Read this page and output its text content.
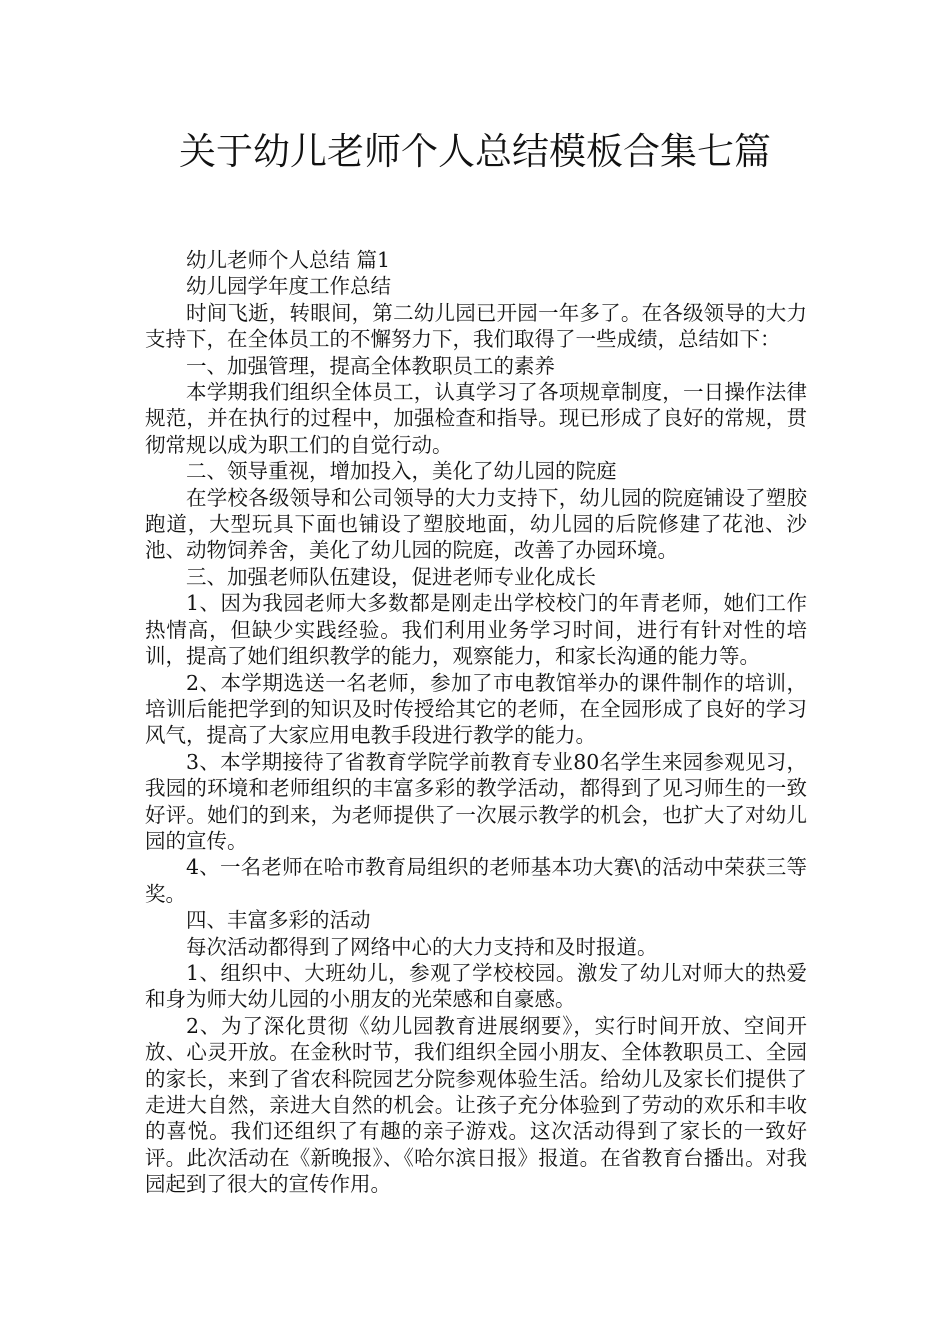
关于幼儿老师个人总结模板合集七篇

幼儿老师个人总结 篇1

幼儿园学年度工作总结

时间飞逝，转眼间，第二幼儿园已开园一年多了。在各级领导的大力支持下，在全体员工的不懈努力下，我们取得了一些成绩，总结如下：

一、加强管理，提高全体教职员工的素养

本学期我们组织全体员工，认真学习了各项规章制度，一日操作法律规范，并在执行的过程中，加强检查和指导。现已形成了良好的常规，贯彻常规以成为职工们的自觉行动。

二、领导重视，增加投入，美化了幼儿园的院庭

在学校各级领导和公司领导的大力支持下，幼儿园的院庭铺设了塑胶跑道，大型玩具下面也铺设了塑胶地面，幼儿园的后院修建了花池、沙池、动物饲养舍，美化了幼儿园的院庭，改善了办园环境。

三、加强老师队伍建设，促进老师专业化成长

1、因为我园老师大多数都是刚走出学校校门的年青老师，她们工作热情高，但缺少实践经验。我们利用业务学习时间，进行有针对性的培训，提高了她们组织教学的能力，观察能力，和家长沟通的能力等。

2、本学期选送一名老师，参加了市电教馆举办的课件制作的培训，培训后能把学到的知识及时传授给其它的老师，在全园形成了良好的学习风气，提高了大家应用电教手段进行教学的能力。

3、本学期接待了省教育学院学前教育专业80名学生来园参观见习，我园的环境和老师组织的丰富多彩的教学活动，都得到了见习师生的一致好评。她们的到来，为老师提供了一次展示教学的机会，也扩大了对幼儿园的宣传。

4、一名老师在哈市教育局组织的老师基本功大赛\的活动中荣获三等奖。

四、丰富多彩的活动

每次活动都得到了网络中心的大力支持和及时报道。

1、组织中、大班幼儿，参观了学校校园。激发了幼儿对师大的热爱和身为师大幼儿园的小朋友的光荣感和自豪感。

2、为了深化贯彻《幼儿园教育进展纲要》，实行时间开放、空间开放、心灵开放。在金秋时节，我们组织全园小朋友、全体教职员工、全园的家长，来到了省农科院园艺分院参观体验生活。给幼儿及家长们提供了走进大自然，亲进大自然的机会。让孩子充分体验到了劳动的欢乐和丰收的喜悦。我们还组织了有趣的亲子游戏。这次活动得到了家长的一致好评。此次活动在《新晚报》、《哈尔滨日报》报道。在省教育台播出。对我园起到了很大的宣传作用。
